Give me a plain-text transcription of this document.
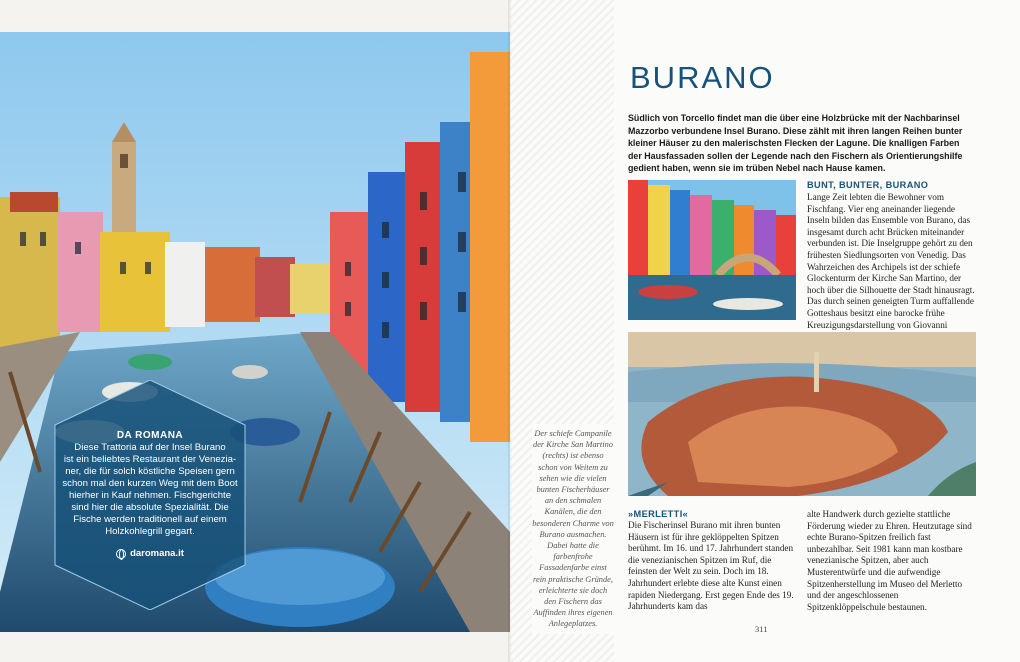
DA ROMANA
Diese Trattoria auf der Insel Burano
ist ein beliebtes Restaurant der Venezia-
ner, die für solch köstliche Speisen gern
schon mal den kurzen Weg mit dem Boot
hierher in Kauf nehmen. Fischgerichte
sind hier die absolute Spezialität. Die
Fische werden traditionell auf einem
Holzkohlegrill gegart.
daromana.it
BURANO
Südlich von Torcello findet man die über eine Holzbrücke mit der Nachbarinsel Mazzorbo verbundene Insel Burano. Diese zählt mit ihren langen Reihen bunter kleiner Häuser zu den malerischsten Flecken der Lagune. Die knalligen Farben der Hausfassaden sollen der Legende nach den Fischern als Orientierungshilfe gedient haben, wenn sie im trüben Nebel nach Hause kamen.
BUNT, BUNTER, BURANO
Lange Zeit lebten die Bewohner vom Fischfang. Vier eng aneinander liegende Inseln bilden das Ensemble von Burano, das insgesamt durch acht Brücken miteinander verbunden ist. Die Inselgruppe gehört zu den frühesten Siedlungsorten von Venedig. Das Wahrzeichen des Archipels ist der schiefe Glockenturm der Kirche San Martino, der hoch über die Silhouette der Stadt hinausragt. Das durch seinen geneigten Turm auffallende Gotteshaus besitzt eine barocke frühe Kreuzigungsdarstellung von Giovanni
Der schiefe Campanile der Kirche San Martino (rechts) ist ebenso schon von Weitem zu sehen wie die vielen bunten Fischerhäuser an den schmalen Kanälen, die den besonderen Charme von Burano ausmachen. Dabei hatte die farbenfrohe Fassadenfarbe einst rein praktische Gründe, erleichterte sie doch den Fischern das Auffinden ihres eigenen Anlegeplatzes.
»MERLETTI«
Die Fischerinsel Burano mit ihren bunten Häusern ist für ihre geklöppelten Spitzen berühmt. Im 16. und 17. Jahrhundert standen die venezianischen Spitzen im Ruf, die feinsten der Welt zu sein. Doch im 18. Jahrhundert erlebte diese alte Kunst einen rapiden Niedergang. Erst gegen Ende des 19. Jahrhunderts kam das
alte Handwerk durch gezielte stattliche Förderung wieder zu Ehren. Heutzutage sind echte Burano-Spitzen freilich fast unbezahlbar. Seit 1981 kann man kostbare venezianische Spitzen, aber auch Musterentwürfe und die aufwendige Spitzenherstellung im Museo del Merletto und der angeschlossenen Spitzenklöppelschule bestaunen.
311
